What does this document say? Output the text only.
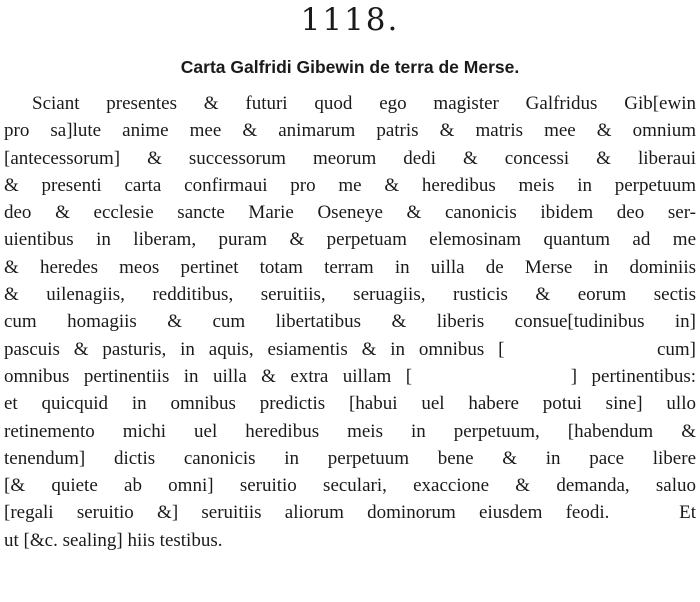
1118.
Carta Galfridi Gibewin de terra de Merse.
Sciant presentes & futuri quod ego magister Galfridus Gib[ewin
pro sa]lute anime mee & animarum patris & matris mee & omnium
[antecessorum] & successorum meorum dedi & concessi & liberaui
& presenti carta confirmaui pro me & heredibus meis in perpetuum
deo & ecclesie sancte Marie Oseneye & canonicis ibidem deo ser-
uientibus in liberam, puram & perpetuam elemosinam quantum ad me
& heredes meos pertinet totam terram in uilla de Merse in dominiis
& uilenagiis, redditibus, seruitiis, seruagiis, rusticis & eorum sectis
cum homagiis & cum libertatibus & liberis consue[tudinibus in]
pascuis & pasturis, in aquis, esiamentis & in omnibus [           cum]
omnibus pertinentiis in uilla & extra uillam [           ] pertinentibus:
et quicquid in omnibus predictis [habui uel habere potui sine] ullo
retinemento michi uel heredibus meis in perpetuum, [habendum &
tenendum] dictis canonicis in perpetuum bene & in pace libere
[& quiete ab omni] seruitio seculari, exaccione & demanda, saluo
[regali seruitio &] seruitiis aliorum dominorum eiusdem feodi.   Et
ut [&c. sealing] hiis testibus.
